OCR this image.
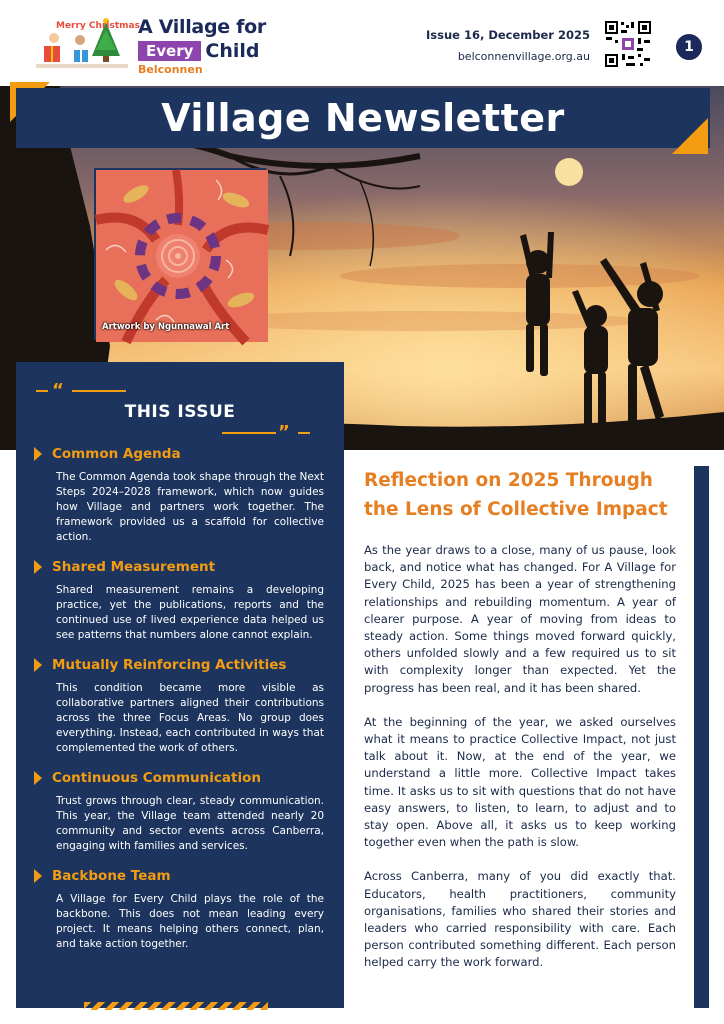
Merry Christmas
A Village for
Every Child
Belconnen
Issue 16, December 2025
belconnenvillage.org.au
1
Village Newsletter
Artwork by Ngunnawal Art
“
THIS ISSUE
”
Common Agenda
The Common Agenda took shape through the Next Steps 2024–2028 framework, which now guides how Village and partners work together. The framework provided us a scaffold for collective action.
Shared Measurement
Shared measurement remains a developing practice, yet the publications, reports and the continued use of lived experience data helped us see patterns that numbers alone cannot explain.
Mutually Reinforcing Activities
This condition became more visible as collaborative partners aligned their contributions across the three Focus Areas. No group does everything. Instead, each contributed in ways that complemented the work of others.
Continuous Communication
Trust grows through clear, steady communication. This year, the Village team attended nearly 20 community and sector events across Canberra, engaging with families and services.
Backbone Team
A Village for Every Child plays the role of the backbone. This does not mean leading every project. It means helping others connect, plan, and take action together.
Reflection on 2025 Through the Lens of Collective Impact

As the year draws to a close, many of us pause, look back, and notice what has changed. For A Village for Every Child, 2025 has been a year of strengthening relationships and rebuilding momentum. A year of clearer purpose. A year of moving from ideas to steady action. Some things moved forward quickly, others unfolded slowly and a few required us to sit with complexity longer than expected. Yet the progress has been real, and it has been shared.

At the beginning of the year, we asked ourselves what it means to practice Collective Impact, not just talk about it. Now, at the end of the year, we understand a little more. Collective Impact takes time. It asks us to sit with questions that do not have easy answers, to listen, to learn, to adjust and to stay open. Above all, it asks us to keep working together even when the path is slow.

Across Canberra, many of you did exactly that. Educators, health practitioners, community organisations, families who shared their stories and leaders who carried responsibility with care. Each person contributed something different. Each person helped carry the work forward.
